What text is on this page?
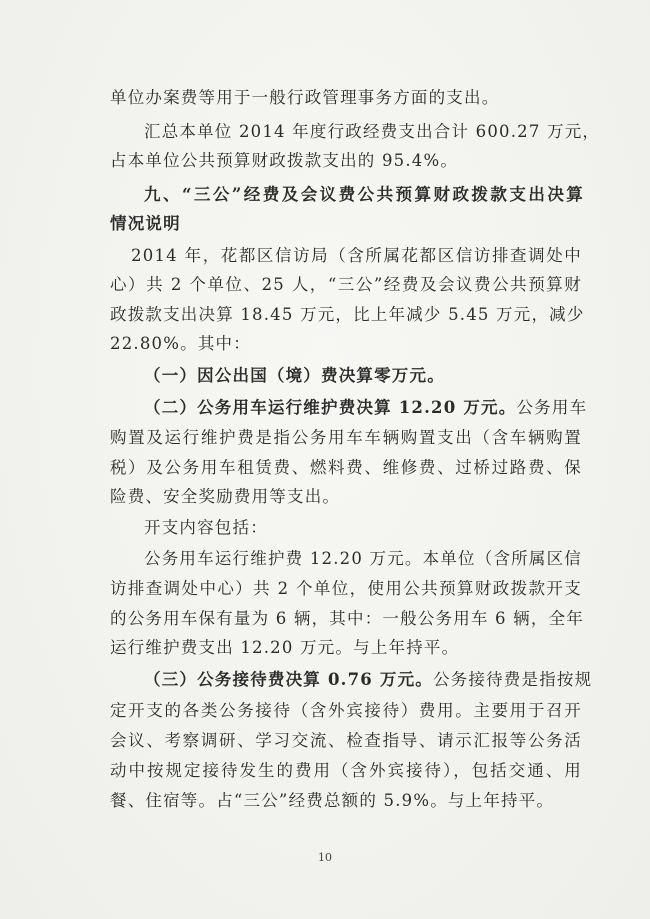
单位办案费等用于一般行政管理事务方面的支出。
汇总本单位 2014 年度行政经费支出合计 600.27 万元，
占本单位公共预算财政拨款支出的 95.4%。
九、“三公”经费及会议费公共预算财政拨款支出决算
情况说明
2014 年，花都区信访局（含所属花都区信访排查调处中
心）共 2 个单位、25 人，“三公”经费及会议费公共预算财
政拨款支出决算 18.45 万元，比上年减少 5.45 万元，减少
22.80%。其中：
（一）因公出国（境）费决算零万元。
（二）公务用车运行维护费决算 12.20 万元。公务用车
购置及运行维护费是指公务用车车辆购置支出（含车辆购置
税）及公务用车租赁费、燃料费、维修费、过桥过路费、保
险费、安全奖励费用等支出。
开支内容包括：
公务用车运行维护费 12.20 万元。本单位（含所属区信
访排查调处中心）共 2 个单位，使用公共预算财政拨款开支
的公务用车保有量为 6 辆，其中：一般公务用车 6 辆，全年
运行维护费支出 12.20 万元。与上年持平。
（三）公务接待费决算 0.76 万元。公务接待费是指按规
定开支的各类公务接待（含外宾接待）费用。主要用于召开
会议、考察调研、学习交流、检查指导、请示汇报等公务活
动中按规定接待发生的费用（含外宾接待），包括交通、用
餐、住宿等。占“三公”经费总额的 5.9%。与上年持平。
10
